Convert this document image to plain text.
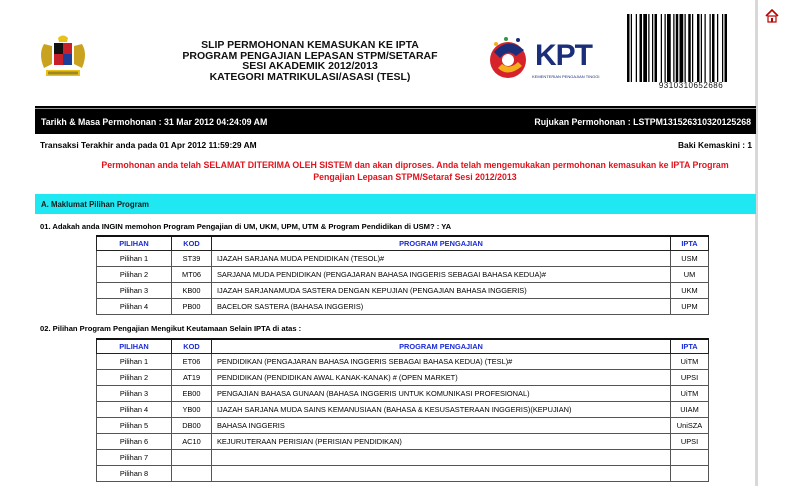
SLIP PERMOHONAN KEMASUKAN KE IPTA
PROGRAM PENGAJIAN LEPASAN STPM/SETARAF
SESI AKADEMIK 2012/2013
KATEGORI MATRIKULASI/ASASI (TESL)
KPT
KEMENTERIAN PENGAJIAN TINGGI
9310310652686
Tarikh & Masa Permohonan : 31 Mar 2012 04:24:09 AM	Rujukan Permohonan : LSTPM131526310320125268
Transaksi Terakhir anda pada 01 Apr 2012 11:59:29 AM	Baki Kemaskini : 1
Permohonan anda telah SELAMAT DITERIMA OLEH SISTEM dan akan diproses. Anda telah mengemukakan permohonan kemasukan ke IPTA Program Pengajian Lepasan STPM/Setaraf Sesi 2012/2013
A. Maklumat Pilihan Program
01. Adakah anda INGIN memohon Program Pengajian di UM, UKM, UPM, UTM & Program Pendidikan di USM? : YA
PILIHAN	KOD	PROGRAM PENGAJIAN	IPTA
Pilihan 1	ST39	IJAZAH SARJANA MUDA PENDIDIKAN (TESOL)#	USM
Pilihan 2	MT06	SARJANA MUDA PENDIDIKAN (PENGAJARAN BAHASA INGGERIS SEBAGAI BAHASA KEDUA)#	UM
Pilihan 3	KB00	IJAZAH SARJANAMUDA SASTERA DENGAN KEPUJIAN (PENGAJIAN BAHASA INGGERIS)	UKM
Pilihan 4	PB00	BACELOR SASTERA (BAHASA INGGERIS)	UPM
02. Pilihan Program Pengajian Mengikut Keutamaan Selain IPTA di atas :
PILIHAN	KOD	PROGRAM PENGAJIAN	IPTA
Pilihan 1	ET06	PENDIDIKAN (PENGAJARAN BAHASA INGGERIS SEBAGAI BAHASA KEDUA) (TESL)#	UiTM
Pilihan 2	AT19	PENDIDIKAN (PENDIDIKAN AWAL KANAK-KANAK) # (OPEN MARKET)	UPSI
Pilihan 3	EB00	PENGAJIAN BAHASA GUNAAN (BAHASA INGGERIS UNTUK KOMUNIKASI PROFESIONAL)	UiTM
Pilihan 4	YB00	IJAZAH SARJANA MUDA SAINS KEMANUSIAAN (BAHASA & KESUSASTERAAN INGGERIS)(KEPUJIAN)	UIAM
Pilihan 5	DB00	BAHASA INGGERIS	UniSZA
Pilihan 6	AC10	KEJURUTERAAN PERISIAN (PERISIAN PENDIDIKAN)	UPSI
Pilihan 7			
Pilihan 8			
